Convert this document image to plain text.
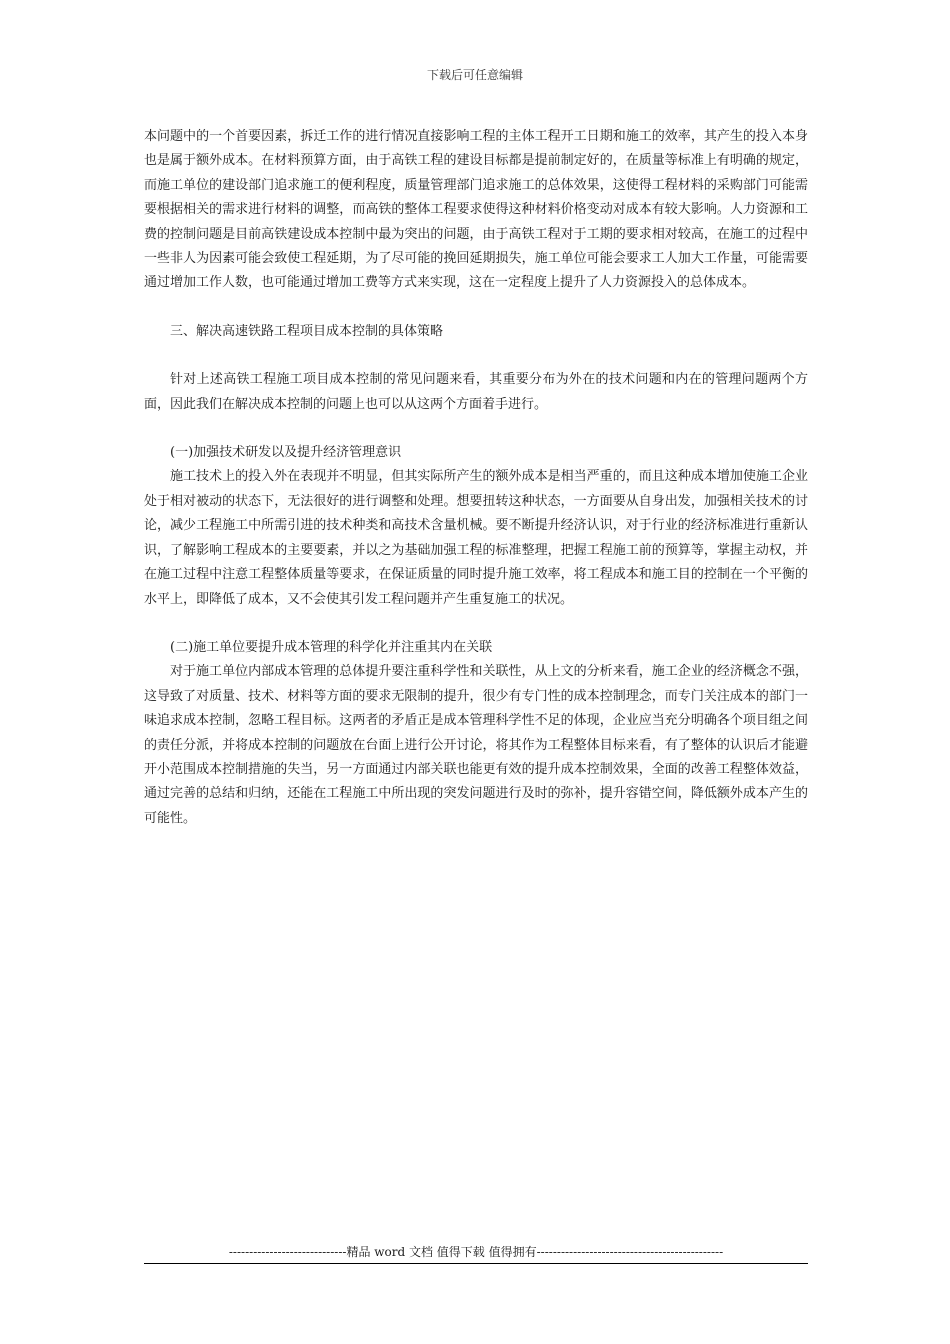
下载后可任意编辑

本问题中的一个首要因素，拆迁工作的进行情况直接影响工程的主体工程开工日期和施工的效率，其产生的投入本身也是属于额外成本。在材料预算方面，由于高铁工程的建设目标都是提前制定好的，在质量等标准上有明确的规定，而施工单位的建设部门追求施工的便利程度，质量管理部门追求施工的总体效果，这使得工程材料的采购部门可能需要根据相关的需求进行材料的调整，而高铁的整体工程要求使得这种材料价格变动对成本有较大影响。人力资源和工费的控制问题是目前高铁建设成本控制中最为突出的问题，由于高铁工程对于工期的要求相对较高，在施工的过程中一些非人为因素可能会致使工程延期，为了尽可能的挽回延期损失，施工单位可能会要求工人加大工作量，可能需要通过增加工作人数，也可能通过增加工费等方式来实现，这在一定程度上提升了人力资源投入的总体成本。

三、解决高速铁路工程项目成本控制的具体策略

针对上述高铁工程施工项目成本控制的常见问题来看，其重要分布为外在的技术问题和内在的管理问题两个方面，因此我们在解决成本控制的问题上也可以从这两个方面着手进行。

(一)加强技术研发以及提升经济管理意识

施工技术上的投入外在表现并不明显，但其实际所产生的额外成本是相当严重的，而且这种成本增加使施工企业处于相对被动的状态下，无法很好的进行调整和处理。想要扭转这种状态，一方面要从自身出发，加强相关技术的讨论，减少工程施工中所需引进的技术种类和高技术含量机械。要不断提升经济认识，对于行业的经济标准进行重新认识，了解影响工程成本的主要要素，并以之为基础加强工程的标准整理，把握工程施工前的预算等，掌握主动权，并在施工过程中注意工程整体质量等要求，在保证质量的同时提升施工效率，将工程成本和施工目的控制在一个平衡的水平上，即降低了成本，又不会使其引发工程问题并产生重复施工的状况。

(二)施工单位要提升成本管理的科学化并注重其内在关联

对于施工单位内部成本管理的总体提升要注重科学性和关联性，从上文的分析来看，施工企业的经济概念不强，这导致了对质量、技术、材料等方面的要求无限制的提升，很少有专门性的成本控制理念，而专门关注成本的部门一味追求成本控制，忽略工程目标。这两者的矛盾正是成本管理科学性不足的体现，企业应当充分明确各个项目组之间的责任分派，并将成本控制的问题放在台面上进行公开讨论，将其作为工程整体目标来看，有了整体的认识后才能避开小范围成本控制措施的失当，另一方面通过内部关联也能更有效的提升成本控制效果，全面的改善工程整体效益，通过完善的总结和归纳，还能在工程施工中所出现的突发问题进行及时的弥补，提升容错空间，降低额外成本产生的可能性。

-----------------------------精品 word 文档 值得下载 值得拥有----------------------------------------------
